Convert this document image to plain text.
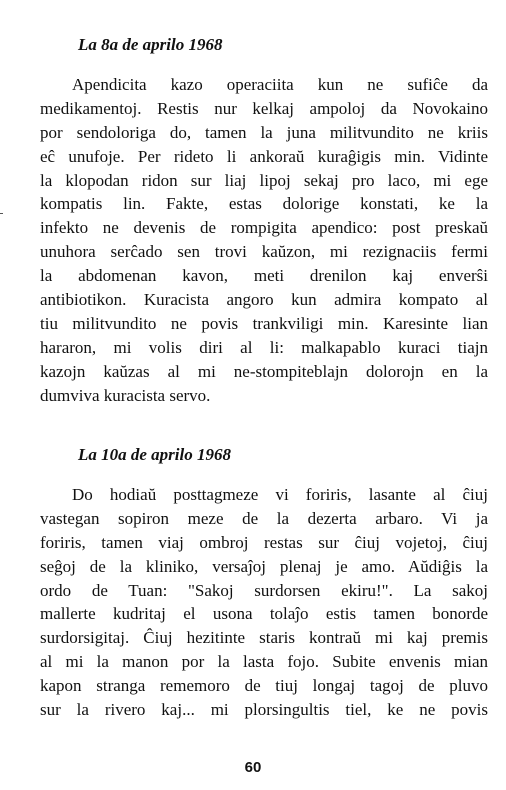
La 8a de aprilo 1968
Apendicita kazo operaciita kun ne sufiĉe da
medikamentoj. Restis nur kelkaj ampoloj da Novokaino
por sendoloriga do, tamen la juna militvundito ne kriis
eĉ unufoje. Per rideto li ankoraŭ kuraĝigis min. Vidinte
la klopodan ridon sur liaj lipoj sekaj pro laco, mi ege
kompatis lin. Fakte, estas dolorige konstati, ke la
infekto ne devenis de rompigita apendico: post preskaŭ
unuhora serĉado sen trovi kaŭzon, mi rezignaciis fermi
la abdomenan kavon, meti drenilon kaj enverŝi
antibiotikon. Kuracista angoro kun admira kompato al
tiu militvundito ne povis trankviligi min. Karesinte lian
hararon, mi volis diri al li: malkapablo kuraci tiajn
kazojn kaŭzas al mi ne-stompiteblajn dolorojn en la
dumviva kuracista servo.
La 10a de aprilo 1968
Do hodiaŭ posttagmeze vi foriris, lasante al ĉiuj
vastegan sopiron meze de la dezerta arbaro. Vi ja
foriris, tamen viaj ombroj restas sur ĉiuj vojetoj, ĉiuj
seĝoj de la kliniko, versaĵoj plenaj je amo. Aŭdiĝis la
ordo de Tuan: "Sakoj surdorsen ekiru!". La sakoj
mallerte kudritaj el usona tolaĵo estis tamen bonorde
surdorsigitaj. Ĉiuj hezitinte staris kontraŭ mi kaj premis
al mi la manon por la lasta fojo. Subite envenis mian
kapon stranga rememoro de tiuj longaj tagoj de pluvo
sur la rivero kaj... mi plorsingultis tiel, ke ne povis
60
